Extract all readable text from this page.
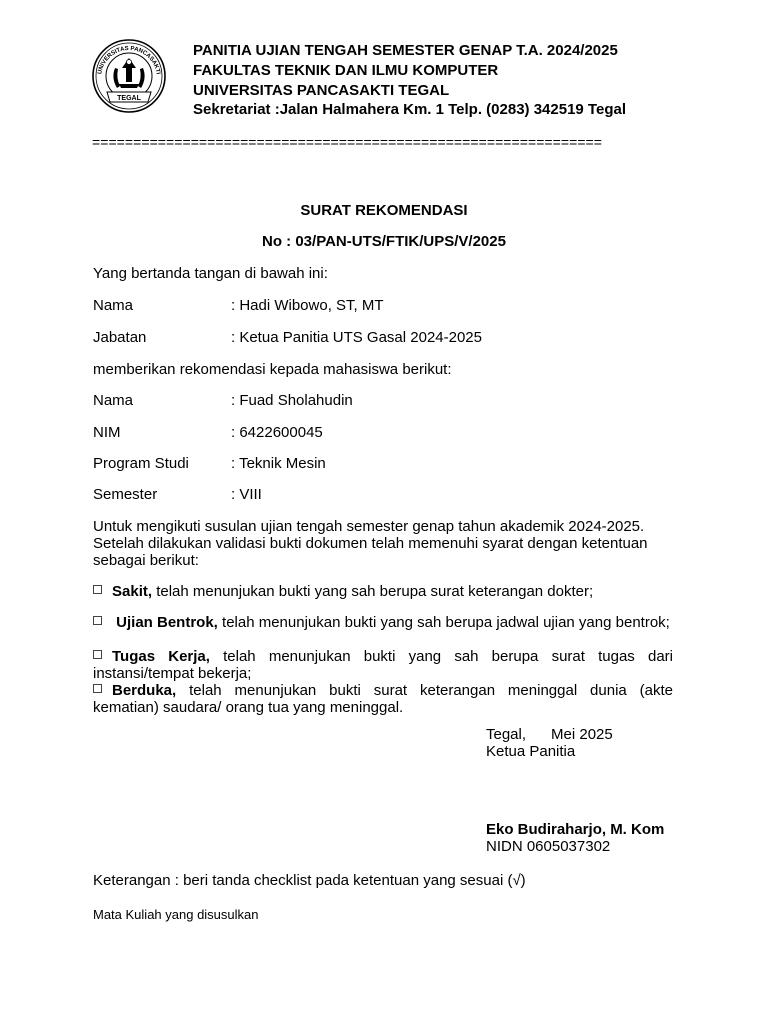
UNIVERSITAS PANCASAKTI
TEGAL
PANITIA UJIAN TENGAH SEMESTER GENAP T.A. 2024/2025
FAKULTAS TEKNIK DAN ILMU KOMPUTER
UNIVERSITAS PANCASAKTI TEGAL
Sekretariat :Jalan Halmahera Km. 1 Telp. (0283) 342519 Tegal
==============================================================
SURAT REKOMENDASI
No : 03/PAN-UTS/FTIK/UPS/V/2025
Yang bertanda tangan di bawah ini:
Nama	: Hadi Wibowo, ST, MT
Jabatan	: Ketua Panitia UTS Gasal 2024-2025
memberikan rekomendasi kepada mahasiswa berikut:
Nama	: Fuad Sholahudin
NIM	: 6422600045
Program Studi	: Teknik Mesin
Semester	: VIII
Untuk mengikuti susulan ujian tengah semester genap tahun akademik 2024-2025. Setelah dilakukan validasi bukti dokumen telah memenuhi syarat dengan ketentuan sebagai berikut:
Sakit, telah menunjukan bukti yang sah berupa surat keterangan dokter;
Ujian Bentrok, telah menunjukan bukti yang sah berupa jadwal ujian yang bentrok;
Tugas Kerja, telah menunjukan bukti yang sah berupa surat tugas dari instansi/tempat bekerja;
Berduka, telah menunjukan bukti surat keterangan meninggal dunia (akte kematian) saudara/ orang tua yang meninggal.
Tegal,      Mei 2025
Ketua Panitia
Eko Budiraharjo, M. Kom
NIDN 0605037302
Keterangan : beri tanda checklist pada ketentuan yang sesuai (√)
Mata Kuliah yang disusulkan
